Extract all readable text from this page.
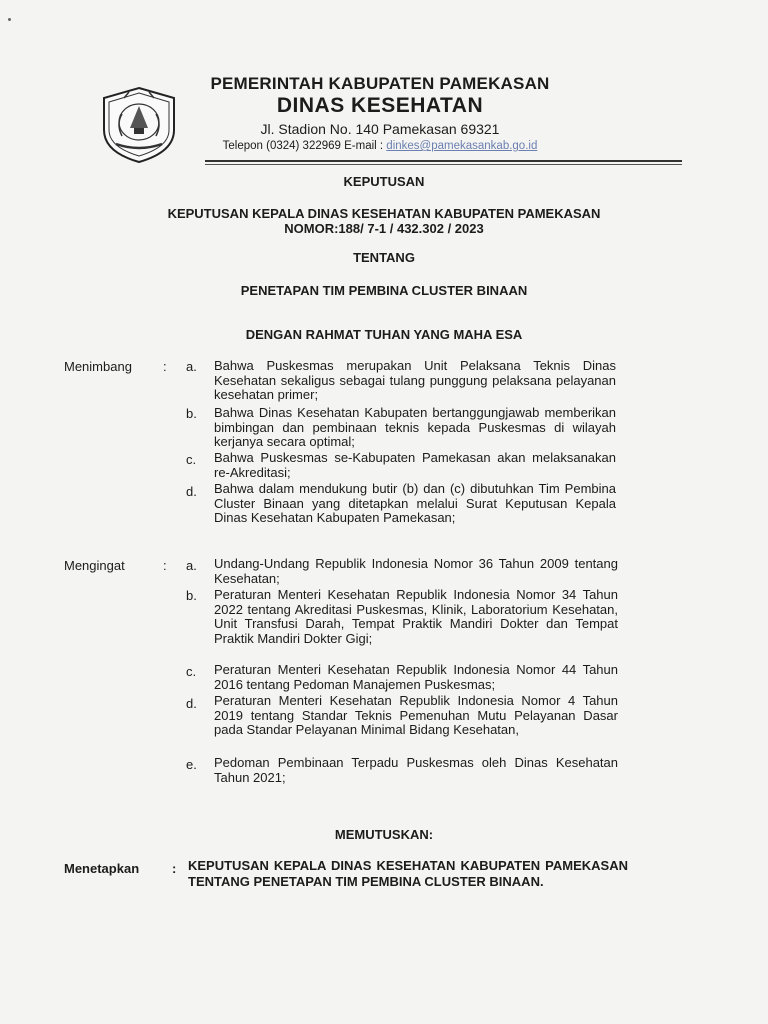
PEMERINTAH KABUPATEN PAMEKASAN
DINAS KESEHATAN
Jl. Stadion No. 140 Pamekasan 69321
Telepon (0324) 322969 E-mail : dinkes@pamekasankab.go.id
KEPUTUSAN
KEPUTUSAN KEPALA DINAS KESEHATAN KABUPATEN PAMEKASAN
NOMOR:188/ 7-1 / 432.302 / 2023
TENTANG
PENETAPAN TIM PEMBINA CLUSTER BINAAN
DENGAN RAHMAT TUHAN YANG MAHA ESA
Menimbang : a. Bahwa Puskesmas merupakan Unit Pelaksana Teknis Dinas Kesehatan sekaligus sebagai tulang punggung pelaksana pelayanan kesehatan primer;
b. Bahwa Dinas Kesehatan Kabupaten bertanggungjawab memberikan bimbingan dan pembinaan teknis kepada Puskesmas di wilayah kerjanya secara optimal;
c. Bahwa Puskesmas se-Kabupaten Pamekasan akan melaksanakan re-Akreditasi;
d. Bahwa dalam mendukung butir (b) dan (c) dibutuhkan Tim Pembina Cluster Binaan yang ditetapkan melalui Surat Keputusan Kepala Dinas Kesehatan Kabupaten Pamekasan;
Mengingat	: a. Undang-Undang Republik Indonesia Nomor 36 Tahun 2009 tentang Kesehatan;
b. Peraturan Menteri Kesehatan Republik Indonesia Nomor 34 Tahun 2022 tentang Akreditasi Puskesmas, Klinik, Laboratorium Kesehatan, Unit Transfusi Darah, Tempat Praktik Mandiri Dokter dan Tempat Praktik Mandiri Dokter Gigi;
c. Peraturan Menteri Kesehatan Republik Indonesia Nomor 44 Tahun 2016 tentang Pedoman Manajemen Puskesmas;
d. Peraturan Menteri Kesehatan Republik Indonesia Nomor 4 Tahun 2019 tentang Standar Teknis Pemenuhan Mutu Pelayanan Dasar pada Standar Pelayanan Minimal Bidang Kesehatan,
e. Pedoman Pembinaan Terpadu Puskesmas oleh Dinas Kesehatan Tahun 2021;
MEMUTUSKAN:
Menetapkan	: KEPUTUSAN KEPALA DINAS KESEHATAN KABUPATEN PAMEKASAN TENTANG PENETAPAN TIM PEMBINA CLUSTER BINAAN.
